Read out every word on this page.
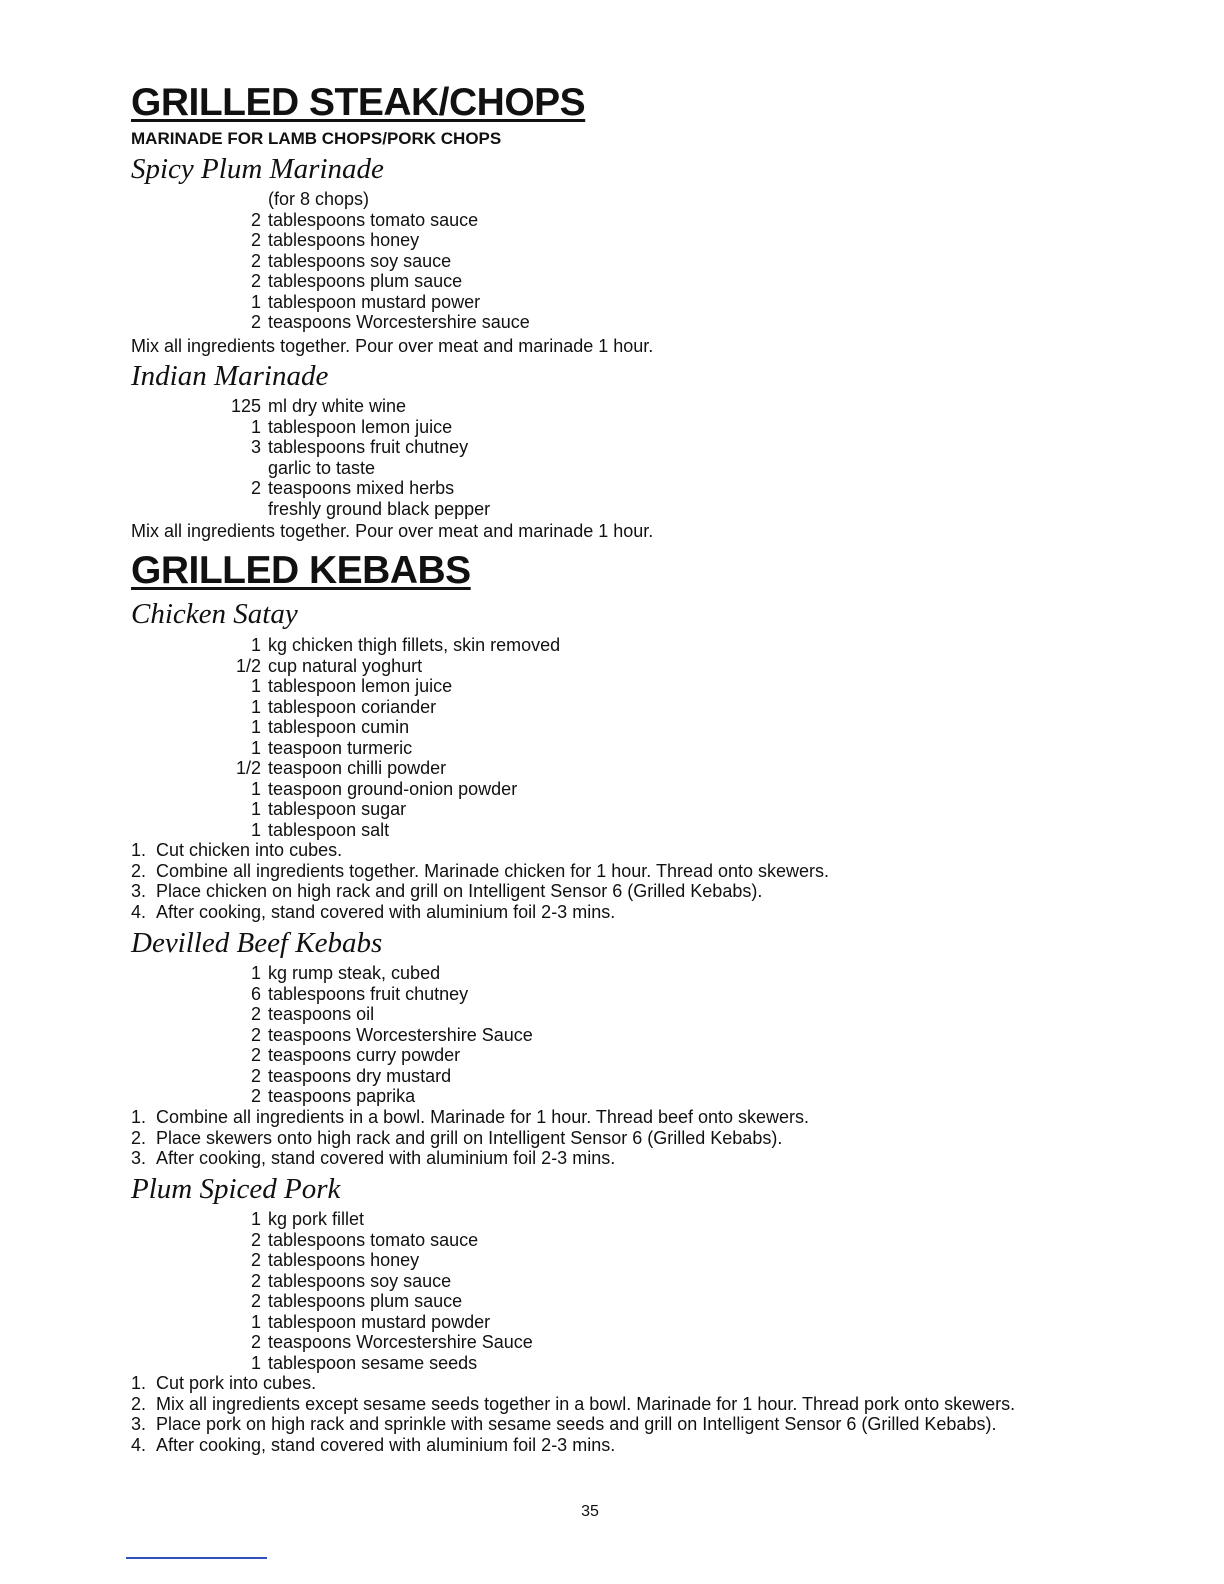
GRILLED STEAK/CHOPS
MARINADE FOR LAMB CHOPS/PORK CHOPS
Spicy Plum Marinade
(for 8 chops)
2 tablespoons tomato sauce
2 tablespoons honey
2 tablespoons soy sauce
2 tablespoons plum sauce
1 tablespoon mustard power
2 teaspoons Worcestershire sauce
Mix all ingredients together. Pour over meat and marinade 1 hour.
Indian Marinade
125 ml dry white wine
1 tablespoon lemon juice
3 tablespoons fruit chutney
garlic to taste
2 teaspoons mixed herbs
freshly ground black pepper
Mix all ingredients together. Pour over meat and marinade 1 hour.
GRILLED KEBABS
Chicken Satay
1 kg chicken thigh fillets, skin removed
1/2 cup natural yoghurt
1 tablespoon lemon juice
1 tablespoon coriander
1 tablespoon cumin
1 teaspoon turmeric
1/2 teaspoon chilli powder
1 teaspoon ground-onion powder
1 tablespoon sugar
1 tablespoon salt
1. Cut chicken into cubes.
2. Combine all ingredients together. Marinade chicken for 1 hour. Thread onto skewers.
3. Place chicken on high rack and grill on Intelligent Sensor 6 (Grilled Kebabs).
4. After cooking, stand covered with aluminium foil 2-3 mins.
Devilled Beef Kebabs
1 kg rump steak, cubed
6 tablespoons fruit chutney
2 teaspoons oil
2 teaspoons Worcestershire Sauce
2 teaspoons curry powder
2 teaspoons dry mustard
2 teaspoons paprika
1. Combine all ingredients in a bowl. Marinade for 1 hour. Thread beef onto skewers.
2. Place skewers onto high rack and grill on Intelligent Sensor 6 (Grilled Kebabs).
3. After cooking, stand covered with aluminium foil 2-3 mins.
Plum Spiced Pork
1 kg pork fillet
2 tablespoons tomato sauce
2 tablespoons honey
2 tablespoons soy sauce
2 tablespoons plum sauce
1 tablespoon mustard powder
2 teaspoons Worcestershire Sauce
1 tablespoon sesame seeds
1. Cut pork into cubes.
2. Mix all ingredients except sesame seeds together in a bowl. Marinade for 1 hour. Thread pork onto skewers.
3. Place pork on high rack and sprinkle with sesame seeds and grill on Intelligent Sensor 6 (Grilled Kebabs).
4. After cooking, stand covered with aluminium foil 2-3 mins.
35
